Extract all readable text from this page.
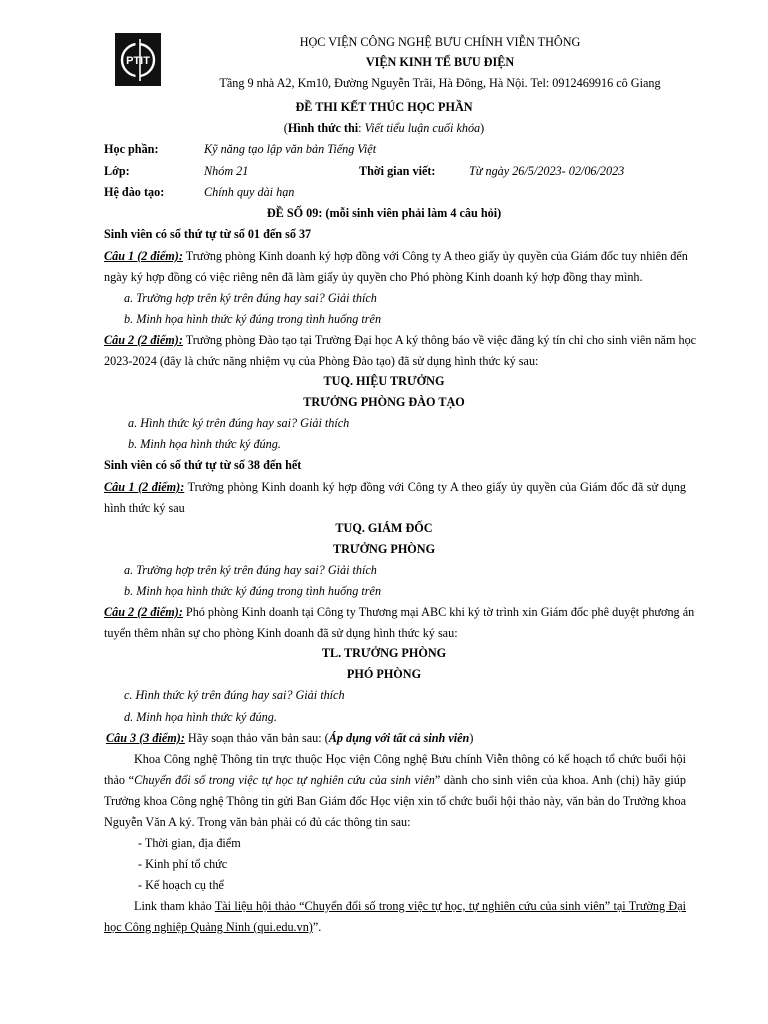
PTIT
HỌC VIỆN CÔNG NGHỆ BƯU CHÍNH VIỄN THÔNG
VIỆN KINH TẾ BƯU ĐIỆN
Tầng 9 nhà A2, Km10, Đường Nguyễn Trãi, Hà Đông, Hà Nội. Tel: 0912469916 cô Giang
ĐỀ THI KẾT THÚC HỌC PHẦN
(Hình thức thi: Viết tiểu luận cuối khóa)
Học phần:	Kỹ năng tạo lập văn bản Tiếng Việt
Lớp:	Nhóm 21	Thời gian viết:	Từ ngày 26/5/2023- 02/06/2023
Hệ đào tạo:	Chính quy dài hạn
ĐỀ SỐ 09: (mỗi sinh viên phải làm 4 câu hỏi)
Sinh viên có số thứ tự từ số 01 đến số 37
Câu 1 (2 điểm): Trưởng phòng Kinh doanh ký hợp đồng với Công ty A theo giấy ủy quyền của Giám đốc tuy nhiên đến
ngày ký hợp đồng có việc riêng nên đã làm giấy ủy quyền cho Phó phòng Kinh doanh ký hợp đồng thay mình.
a. Trường hợp trên ký trên đúng hay sai? Giải thích
b. Minh họa hình thức ký đúng trong tình huống trên
Câu 2 (2 điểm): Trưởng phòng Đào tạo tại Trường Đại học A ký thông báo về việc đăng ký tín chỉ cho sinh viên năm học
2023-2024 (đây là chức năng nhiệm vụ của Phòng Đào tạo) đã sử dụng hình thức ký sau:
TUQ. HIỆU TRƯỞNG
TRƯỞNG PHÒNG ĐÀO TẠO
a. Hình thức ký trên đúng hay sai? Giải thích
b. Minh họa hình thức ký đúng.
Sinh viên có số thứ tự từ số 38 đến hết
Câu 1 (2 điểm): Trưởng phòng Kinh doanh ký hợp đồng với Công ty A theo giấy ủy quyền của Giám đốc đã sử dụng
hình thức ký sau
TUQ. GIÁM ĐỐC
TRƯỞNG PHÒNG
a. Trường hợp trên ký trên đúng hay sai? Giải thích
b. Minh họa hình thức ký đúng trong tình huống trên
Câu 2 (2 điểm): Phó phòng Kinh doanh tại Công ty Thương mại ABC khi ký tờ trình xin Giám đốc phê duyệt phương án
tuyển thêm nhân sự cho phòng Kinh doanh đã sử dụng hình thức ký sau:
TL. TRƯỞNG PHÒNG
PHÓ PHÒNG
c. Hình thức ký trên đúng hay sai? Giải thích
d. Minh họa hình thức ký đúng.
Câu 3 (3 điểm): Hãy soạn thảo văn bản sau: (Áp dụng với tất cả sinh viên)
Khoa Công nghệ Thông tin trực thuộc Học viện Công nghệ Bưu chính Viễn thông có kế hoạch tổ chức buổi hội
thảo “Chuyển đổi số trong việc tự học tự nghiên cứu của sinh viên” dành cho sinh viên của khoa. Anh (chị) hãy giúp
Trưởng khoa Công nghệ Thông tin gửi Ban Giám đốc Học viện xin tổ chức buổi hội thảo này, văn bản do Trưởng khoa
Nguyễn Văn A ký. Trong văn bản phải có đủ các thông tin sau:
- Thời gian, địa điểm
- Kinh phí tổ chức
- Kế hoạch cụ thể
Link tham khảo Tài liệu hội thảo “Chuyển đổi số trong việc tự học, tự nghiên cứu của sinh viên” tại Trường Đại
học Công nghiệp Quảng Ninh (qui.edu.vn)”.
